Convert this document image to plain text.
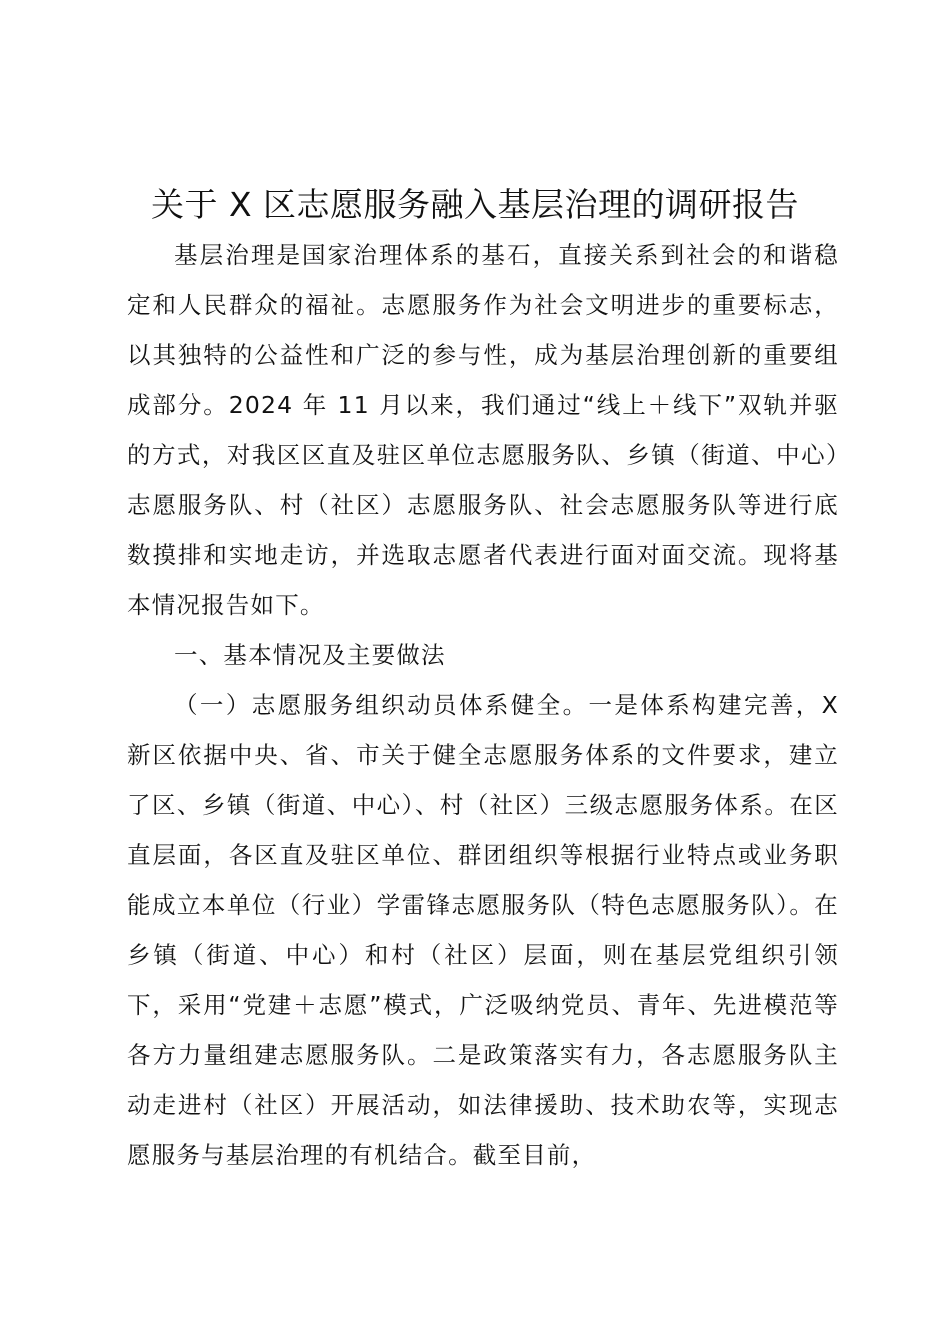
关于 X 区志愿服务融入基层治理的调研报告

基层治理是国家治理体系的基石，直接关系到社会的和谐稳定和人民群众的福祉。志愿服务作为社会文明进步的重要标志，以其独特的公益性和广泛的参与性，成为基层治理创新的重要组成部分。2024 年 11 月以来，我们通过“线上＋线下”双轨并驱的方式，对我区区直及驻区单位志愿服务队、乡镇（街道、中心）志愿服务队、村（社区）志愿服务队、社会志愿服务队等进行底数摸排和实地走访，并选取志愿者代表进行面对面交流。现将基本情况报告如下。

一、基本情况及主要做法

（一）志愿服务组织动员体系健全。一是体系构建完善，X 新区依据中央、省、市关于健全志愿服务体系的文件要求，建立了区、乡镇（街道、中心）、村（社区）三级志愿服务体系。在区直层面，各区直及驻区单位、群团组织等根据行业特点或业务职能成立本单位（行业）学雷锋志愿服务队（特色志愿服务队）。在乡镇（街道、中心）和村（社区）层面，则在基层党组织引领下，采用“党建＋志愿”模式，广泛吸纳党员、青年、先进模范等各方力量组建志愿服务队。二是政策落实有力，各志愿服务队主动走进村（社区）开展活动，如法律援助、技术助农等，实现志愿服务与基层治理的有机结合。截至目前，
